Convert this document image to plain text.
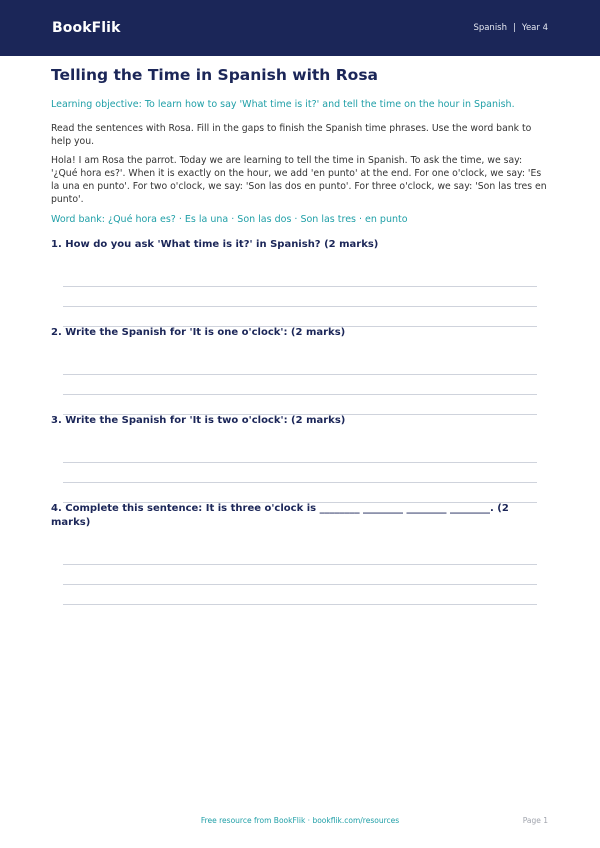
BookFlik	Spanish | Year 4
Telling the Time in Spanish with Rosa
Learning objective: To learn how to say 'What time is it?' and tell the time on the hour in Spanish.
Read the sentences with Rosa. Fill in the gaps to finish the Spanish time phrases. Use the word bank to help you.
Hola! I am Rosa the parrot. Today we are learning to tell the time in Spanish. To ask the time, we say: '¿Qué hora es?'. When it is exactly on the hour, we add 'en punto' at the end. For one o'clock, we say: 'Es la una en punto'. For two o'clock, we say: 'Son las dos en punto'. For three o'clock, we say: 'Son las tres en punto'.
Word bank: ¿Qué hora es? · Es la una · Son las dos · Son las tres · en punto
1. How do you ask 'What time is it?' in Spanish? (2 marks)
2. Write the Spanish for 'It is one o'clock': (2 marks)
3. Write the Spanish for 'It is two o'clock': (2 marks)
4. Complete this sentence: It is three o'clock is ________ ________ ________ ________. (2 marks)
Free resource from BookFlik · bookflik.com/resources	Page 1
